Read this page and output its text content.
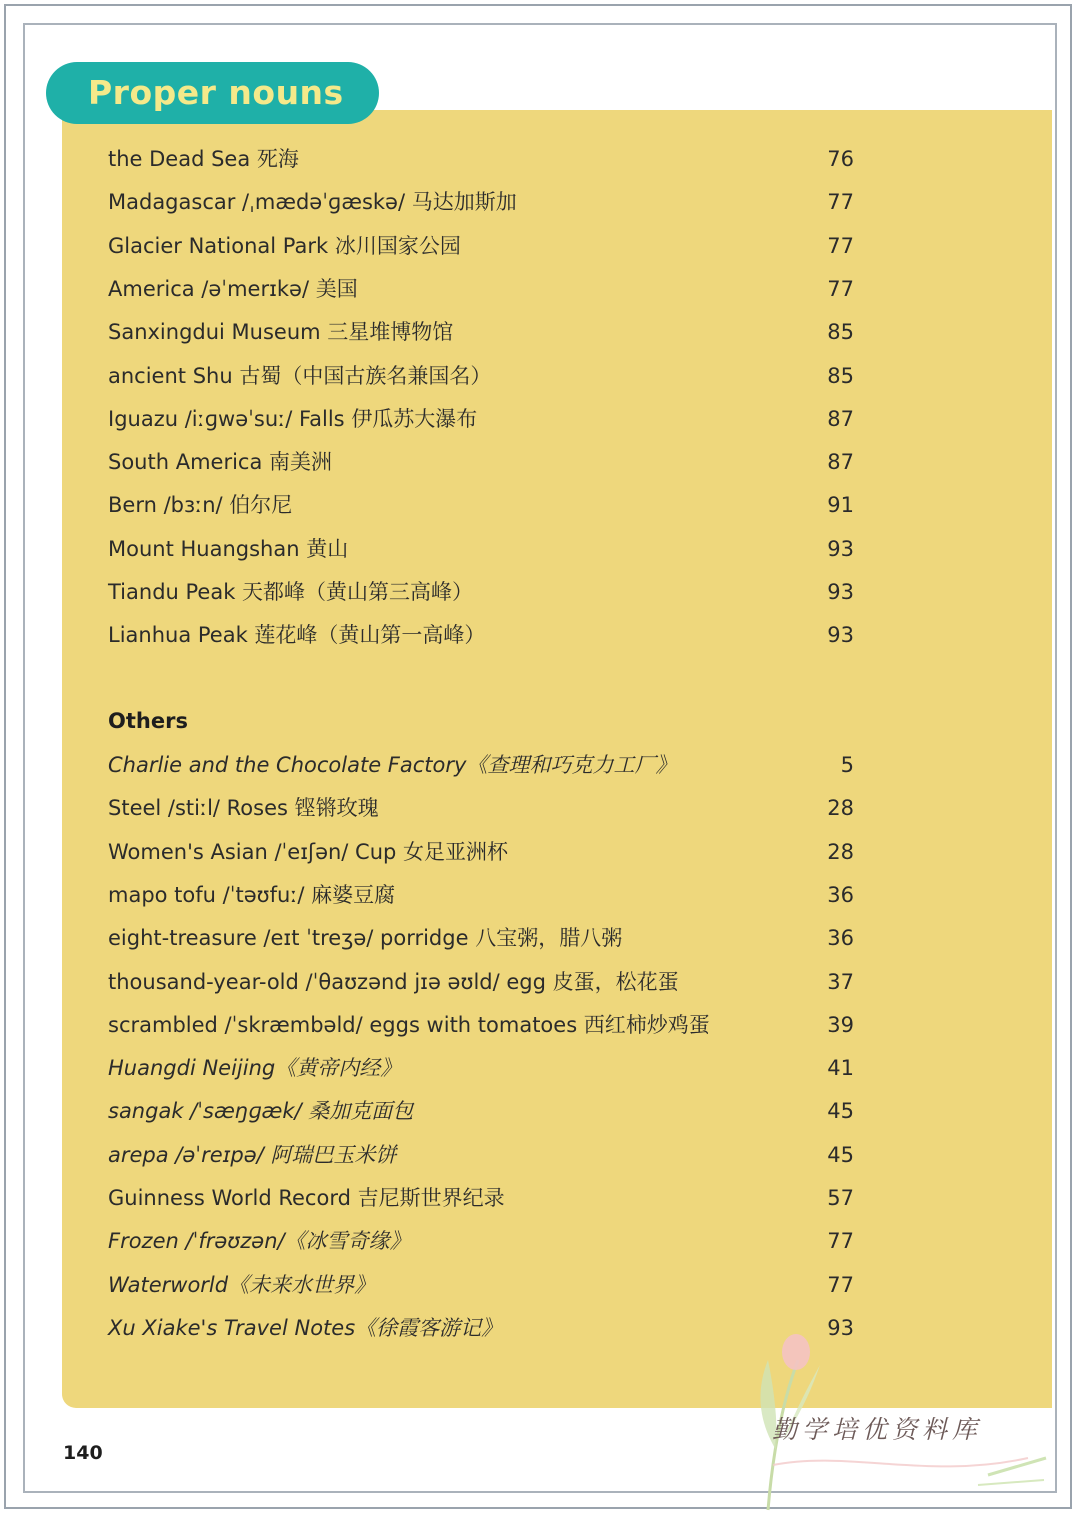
Proper nouns
the Dead Sea 死海	76
Madagascar /ˌmædəˈɡæskə/ 马达加斯加	77
Glacier National Park 冰川国家公园	77
America /əˈmerɪkə/ 美国	77
Sanxingdui Museum 三星堆博物馆	85
ancient Shu 古蜀（中国古族名兼国名）	85
Iguazu /iːɡwəˈsuː/ Falls 伊瓜苏大瀑布	87
South America 南美洲	87
Bern /bɜːn/ 伯尔尼	91
Mount Huangshan 黄山	93
Tiandu Peak 天都峰（黄山第三高峰）	93
Lianhua Peak 莲花峰（黄山第一高峰）	93
Others
Charlie and the Chocolate Factory《查理和巧克力工厂》	5
Steel /stiːl/ Roses 铿锵玫瑰	28
Women's Asian /ˈeɪʃən/ Cup 女足亚洲杯	28
mapo tofu /ˈtəʊfuː/ 麻婆豆腐	36
eight-treasure /eɪt ˈtreʒə/ porridge 八宝粥，腊八粥	36
thousand-year-old /ˈθaʊzənd jɪə əʊld/ egg 皮蛋，松花蛋	37
scrambled /ˈskræmbəld/ eggs with tomatoes 西红柿炒鸡蛋	39
Huangdi Neijing《黄帝内经》	41
sangak /ˈsæŋɡæk/ 桑加克面包	45
arepa /əˈreɪpə/ 阿瑞巴玉米饼	45
Guinness World Record 吉尼斯世界纪录	57
Frozen /ˈfrəʊzən/《冰雪奇缘》	77
Waterworld《未来水世界》	77
Xu Xiake's Travel Notes《徐霞客游记》	93
140
勤学培优资料库
